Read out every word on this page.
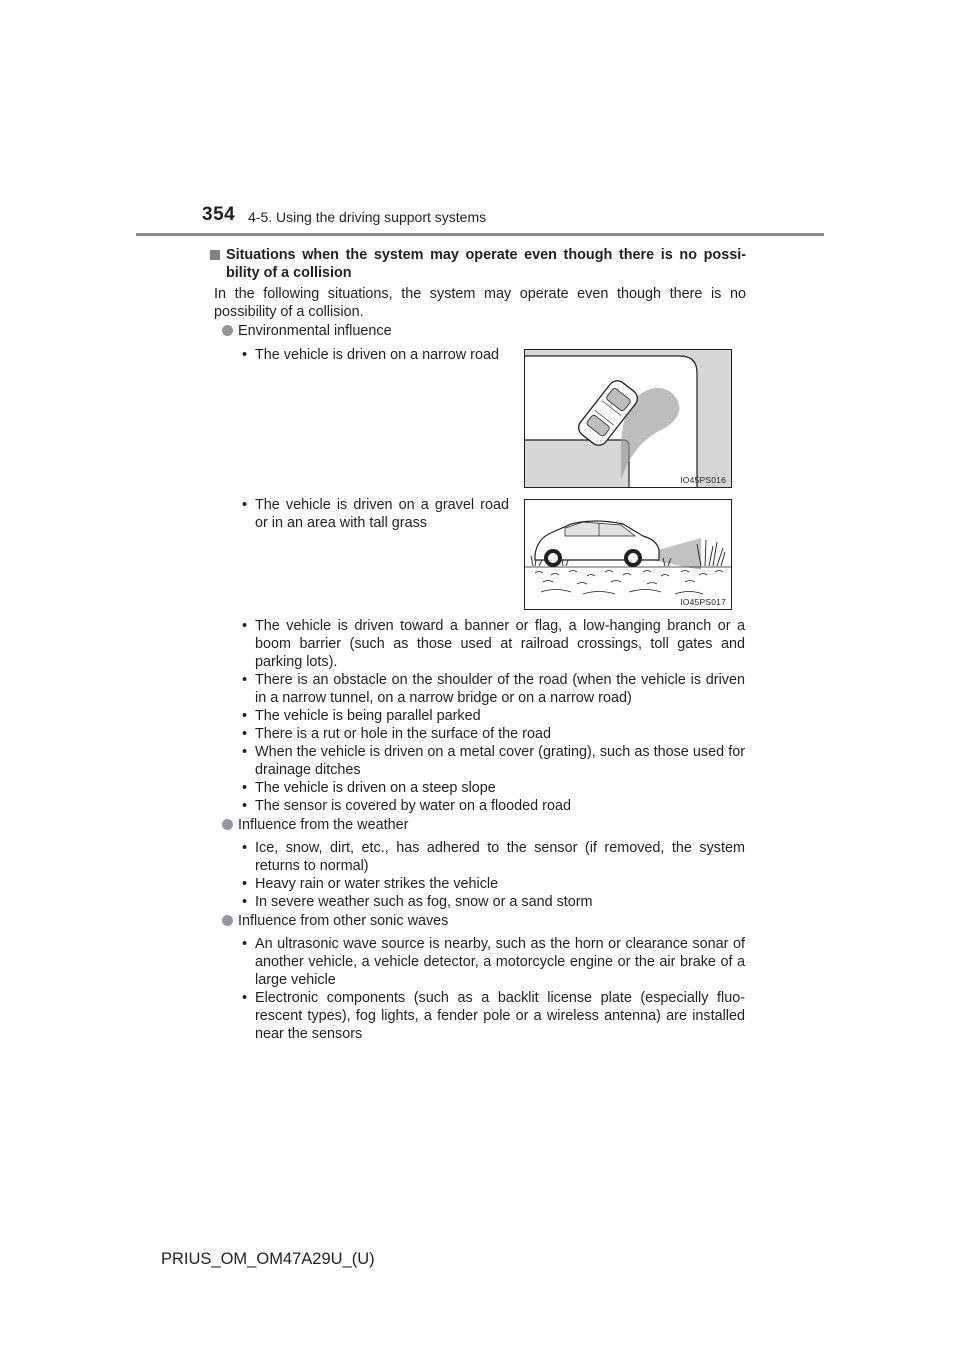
354 4-5. Using the driving support systems
Situations when the system may operate even though there is no possi- bility of a collision
In the following situations, the system may operate even though there is no possibility of a collision.
Environmental influence
• The vehicle is driven on a narrow road
IO45PS016
• The vehicle is driven on a gravel road or in an area with tall grass
IO45PS017
• The vehicle is driven toward a banner or flag, a low-hanging branch or a boom barrier (such as those used at railroad crossings, toll gates and parking lots).
• There is an obstacle on the shoulder of the road (when the vehicle is driven in a narrow tunnel, on a narrow bridge or on a narrow road)
• The vehicle is being parallel parked
• There is a rut or hole in the surface of the road
• When the vehicle is driven on a metal cover (grating), such as those used for drainage ditches
• The vehicle is driven on a steep slope
• The sensor is covered by water on a flooded road
Influence from the weather
• Ice, snow, dirt, etc., has adhered to the sensor (if removed, the system returns to normal)
• Heavy rain or water strikes the vehicle
• In severe weather such as fog, snow or a sand storm
Influence from other sonic waves
• An ultrasonic wave source is nearby, such as the horn or clearance sonar of another vehicle, a vehicle detector, a motorcycle engine or the air brake of a large vehicle
• Electronic components (such as a backlit license plate (especially fluo- rescent types), fog lights, a fender pole or a wireless antenna) are installed near the sensors
PRIUS_OM_OM47A29U_(U)
